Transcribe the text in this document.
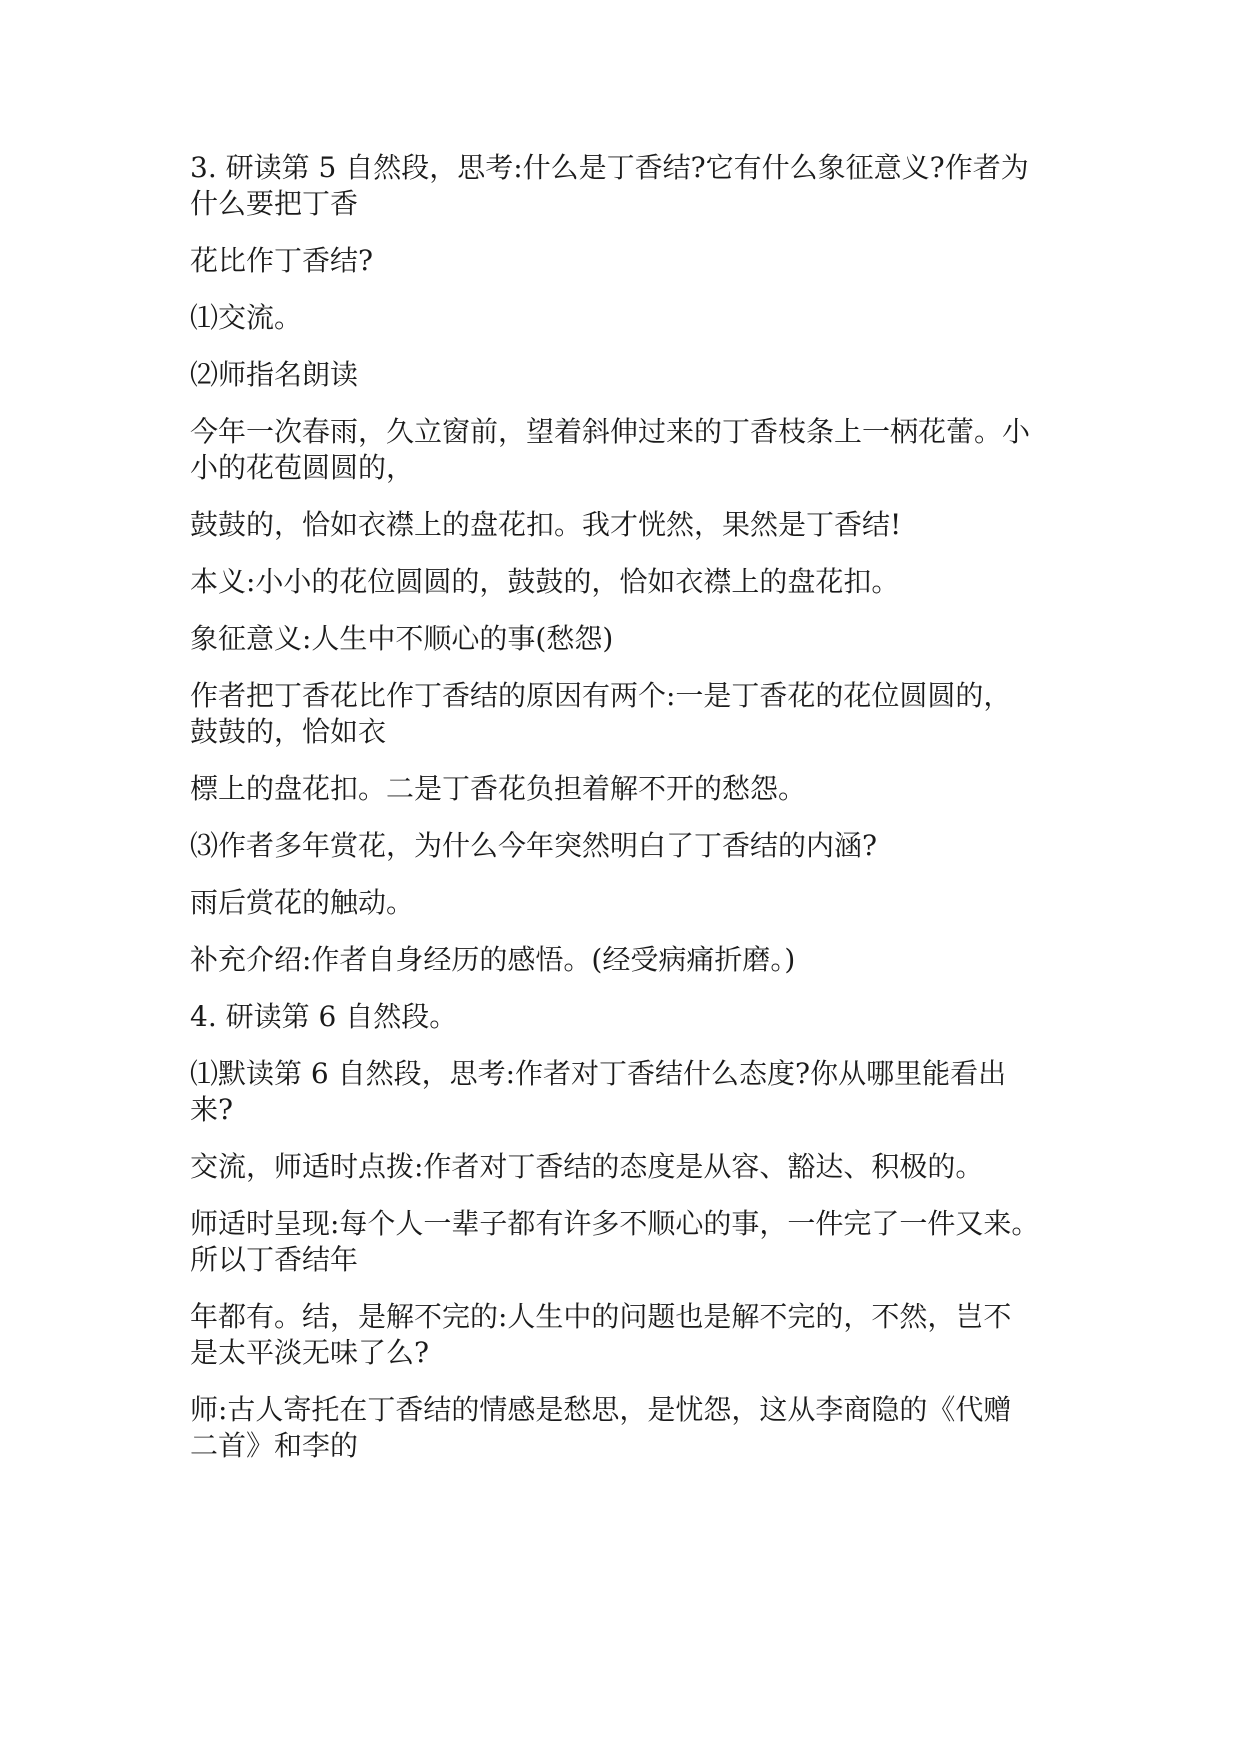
3. 研读第 5 自然段，思考:什么是丁香结?它有什么象征意义?作者为
什么要把丁香

花比作丁香结?

⑴交流。

⑵师指名朗读

今年一次春雨，久立窗前，望着斜伸过来的丁香枝条上一柄花蕾。小
小的花苞圆圆的，

鼓鼓的，恰如衣襟上的盘花扣。我才恍然，果然是丁香结!

本义:小小的花位圆圆的，鼓鼓的，恰如衣襟上的盘花扣。

象征意义:人生中不顺心的事(愁怨)

作者把丁香花比作丁香结的原因有两个:一是丁香花的花位圆圆的，
鼓鼓的，恰如衣

標上的盘花扣。二是丁香花负担着解不开的愁怨。

⑶作者多年赏花，为什么今年突然明白了丁香结的内涵?

雨后赏花的触动。

补充介绍:作者自身经历的感悟。(经受病痛折磨。)

4. 研读第 6 自然段。

⑴默读第 6 自然段，思考:作者对丁香结什么态度?你从哪里能看出
来?

交流，师适时点拨:作者对丁香结的态度是从容、豁达、积极的。

师适时呈现:每个人一辈子都有许多不顺心的事，一件完了一件又来。
所以丁香结年

年都有。结，是解不完的:人生中的问题也是解不完的，不然，岂不
是太平淡无味了么?

师:古人寄托在丁香结的情感是愁思，是忧怨，这从李商隐的《代赠
二首》和李的
